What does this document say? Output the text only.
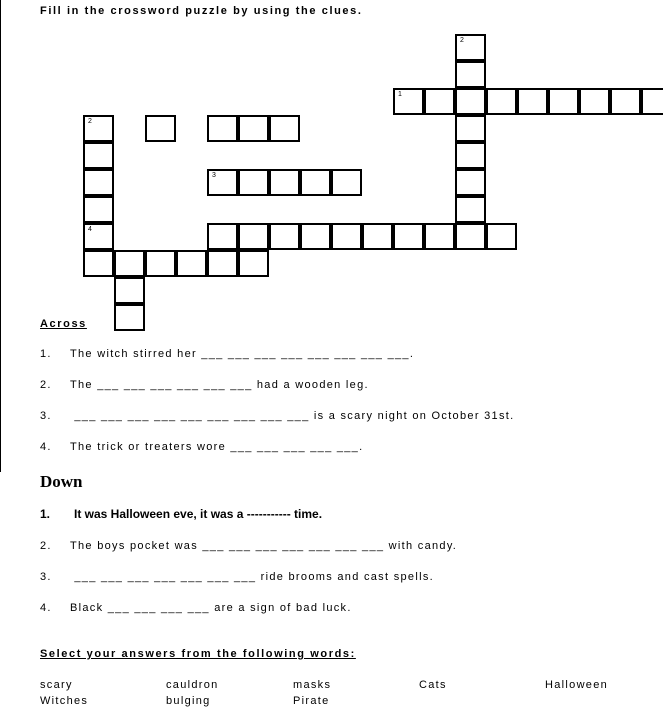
Fill in the crossword puzzle by using the clues.
2
4
3
2
1
Across
1. The witch stirred her ___ ___ ___ ___ ___ ___ ___ ___.
2. The ___ ___ ___ ___ ___ ___ had a wooden leg.
3. ___ ___ ___ ___ ___ ___ ___ ___ ___ is a scary night on October 31st.
4. The trick or treaters wore ___ ___ ___ ___ ___.
Down
1. It was Halloween eve, it was a ----------- time.
2. The boys pocket was ___ ___ ___ ___ ___ ___ ___ with candy.
3. ___ ___ ___ ___ ___ ___ ___ ride brooms and cast spells.
4. Black ___ ___ ___ ___ are a sign of bad luck.
Select your answers from the following words:
scary	cauldron	masks	Cats	Halloween
Witches	bulging	Pirate
